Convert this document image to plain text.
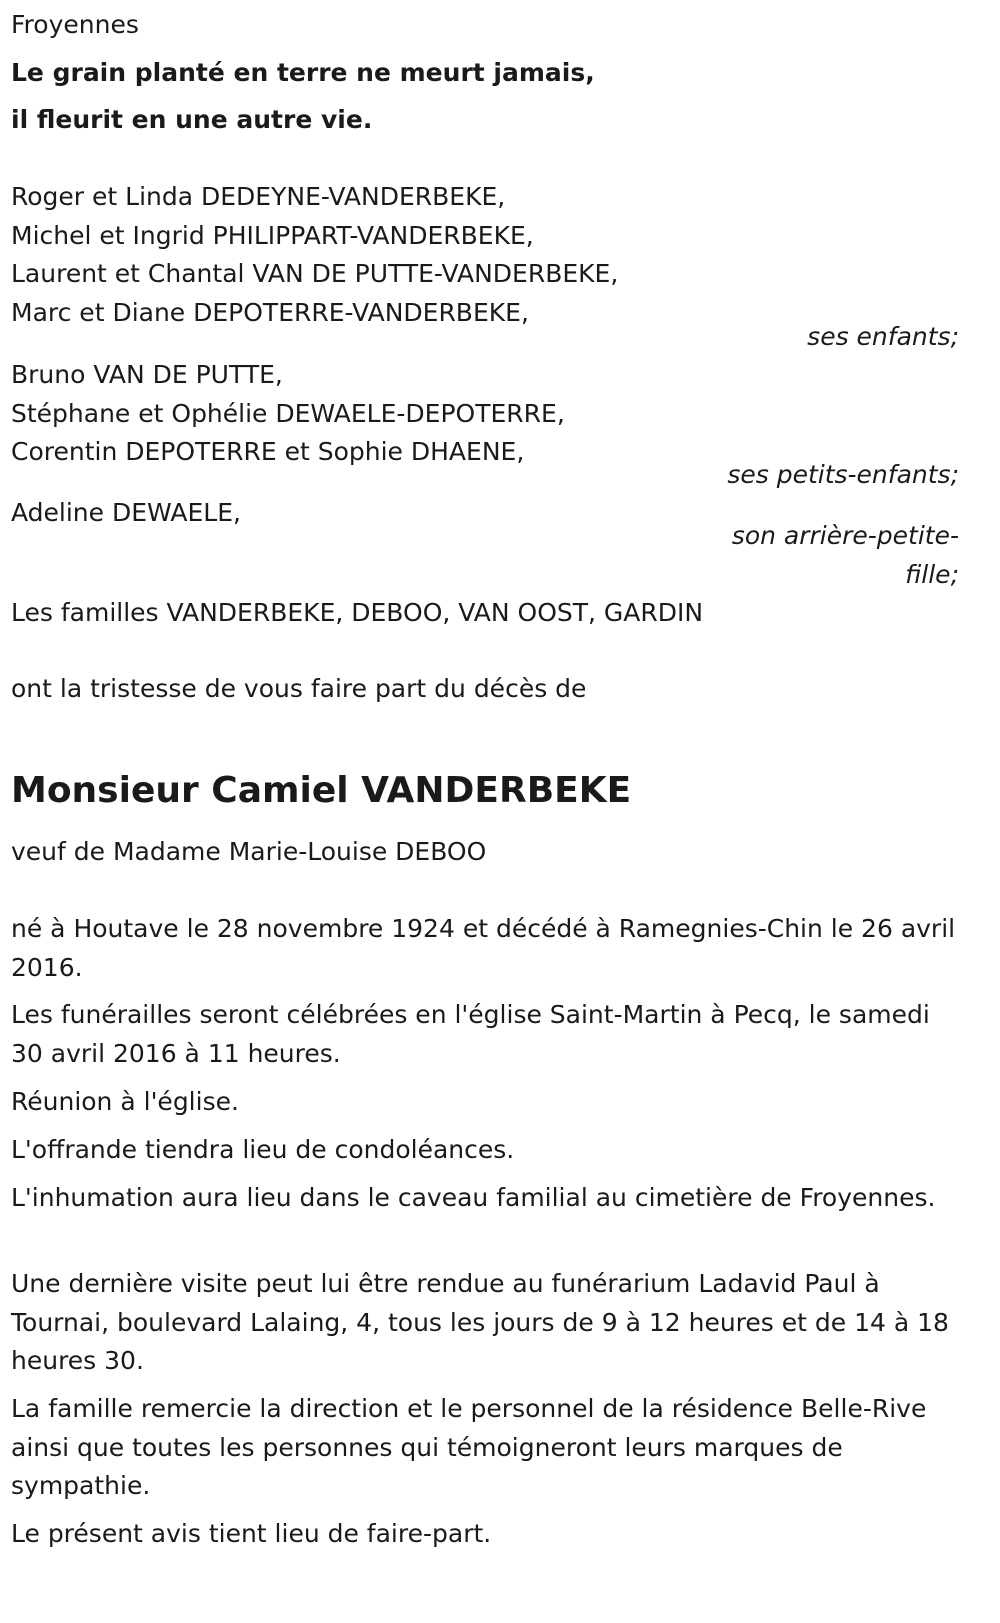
Froyennes

Le grain planté en terre ne meurt jamais,

il fleurit en une autre vie.

Roger et Linda DEDEYNE-VANDERBEKE,

Michel et Ingrid PHILIPPART-VANDERBEKE,

Laurent et Chantal VAN DE PUTTE-VANDERBEKE,

Marc et Diane DEPOTERRE-VANDERBEKE,

ses enfants;

Bruno VAN DE PUTTE,

Stéphane et Ophélie DEWAELE-DEPOTERRE,

Corentin DEPOTERRE et Sophie DHAENE,

ses petits-enfants;

Adeline DEWAELE,

son arrière-petite-fille;

Les familles VANDERBEKE, DEBOO, VAN OOST, GARDIN

ont la tristesse de vous faire part du décès de

Monsieur Camiel VANDERBEKE

veuf de Madame Marie-Louise DEBOO

né à Houtave le 28 novembre 1924 et décédé à Ramegnies-Chin le 26 avril 2016.

Les funérailles seront célébrées en l'église Saint-Martin à Pecq, le samedi 30 avril 2016 à 11 heures.

Réunion à l'église.

L'offrande tiendra lieu de condoléances.

L'inhumation aura lieu dans le caveau familial au cimetière de Froyennes.

Une dernière visite peut lui être rendue au funérarium Ladavid Paul à Tournai, boulevard Lalaing, 4, tous les jours de 9 à 12 heures et de 14 à 18 heures 30.

La famille remercie la direction et le personnel de la résidence Belle-Rive ainsi que toutes les personnes qui témoigneront leurs marques de sympathie.

Le présent avis tient lieu de faire-part.
